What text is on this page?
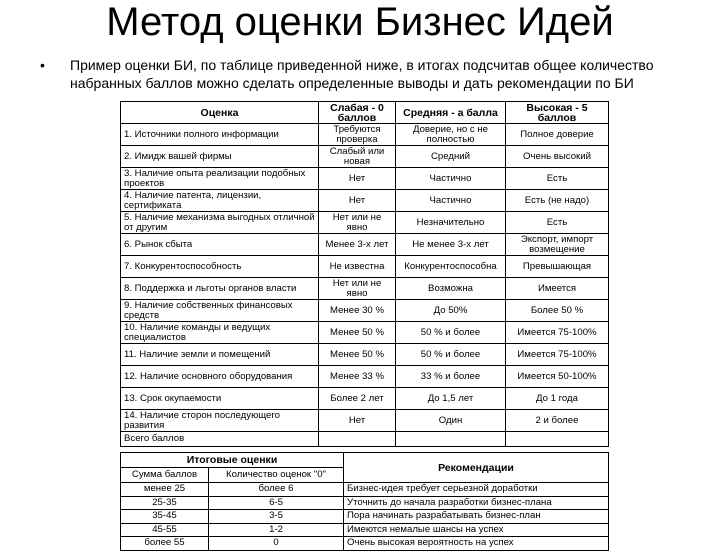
Метод оценки Бизнес Идей
•	Пример оценки БИ, по таблице приведенной ниже, в итогах подсчитав общее количество набранных баллов можно сделать определенные выводы и дать рекомендации по БИ
Оценка	Слабая - 0 баллов	Средняя - а балла	Высокая - 5 баллов
1. Источники полного информации	Требуются проверка	Доверие, но с не полностью	Полное доверие
2. Имидж вашей фирмы	Слабый или новая	Средний	Очень высокий
3. Наличие опыта реализации подобных проектов	Нет	Частично	Есть
4. Наличие патента, лицензии, сертификата	Нет	Частично	Есть (не надо)
5. Наличие механизма выгодных отличной от другим	Нет или не явно	Незначительно	Есть
6. Рынок сбыта	Менее 3-х лет	Не менее 3-х лет	Экспорт, импорт возмещение
7. Конкурентоспособность	Не известна	Конкурентоспособна	Превышающая
8. Поддержка и льготы органов власти	Нет или не явно	Возможна	Имеется
9. Наличие собственных финансовых средств	Менее 30 %	До 50%	Более 50 %
10. Наличие команды и ведущих специалистов	Менее 50 %	50 % и более	Имеется 75-100%
11. Наличие земли и помещений	Менее 50 %	50 % и более	Имеется 75-100%
12. Наличие основного оборудования	Менее 33 %	33 % и более	Имеется 50-100%
13. Срок окупаемости	Более 2 лет	До 1,5 лет	До 1 года
14. Наличие сторон последующего развития	Нет	Один	2 и более
Всего баллов			
Итоговые оценки		Рекомендации
Сумма баллов	Количество оценок "0"	
менее 25	более 6	Бизнес-идея требует серьезной доработки
25-35	6-5	Уточнить до начала разработки бизнес-плана
35-45	3-5	Пора начинать разрабатывать бизнес-план
45-55	1-2	Имеются немалые шансы на успех
более 55	0	Очень высокая вероятность на успех
